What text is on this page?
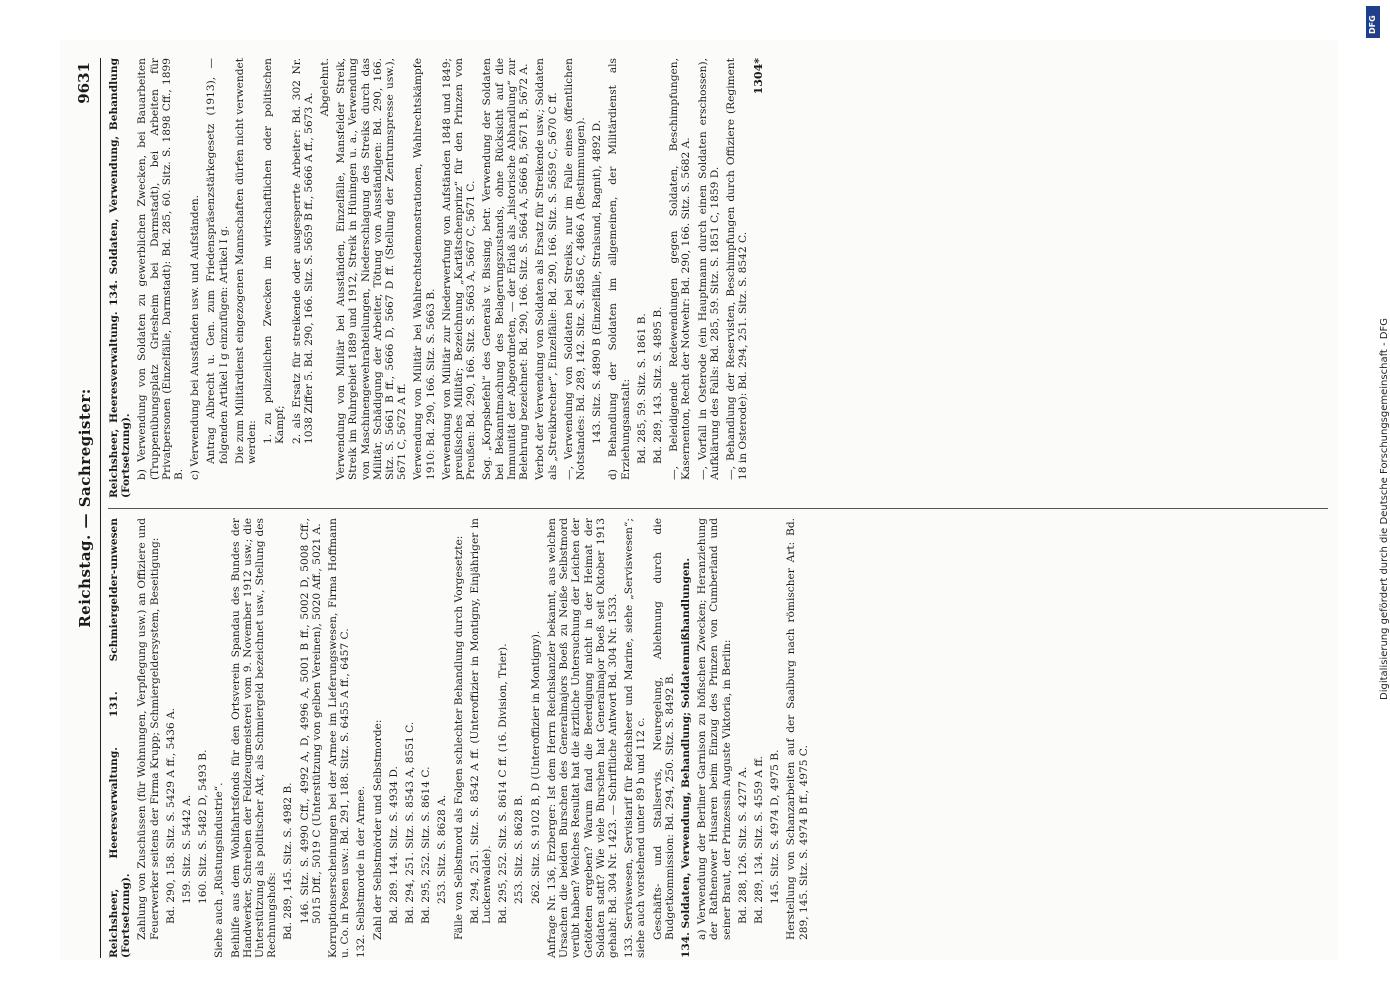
Reichstag. — Sachregister:
9631
Reichsheer, Heeresverwaltung. 131. Schmiergelder-unwesen (Fortsetzung). Zahlung von Zuschüssen (für Wohnungen, Verpflegung usw.) an Offiziere und Feuerwerker seitens der Firma Krupp; Schmiergeldersystem, Beseitigung: Bd. 290, 158. Sitz. S. 5429 A ff., 5436 A. 159. Sitz. S. 5442 A. 160. Sitz. S. 5482 D, 5493 B. Siehe auch „Rüstungsindustrie“. Beihilfe aus dem Wohlfahrtsfonds für den Ortsverein Spandau des Bundes der Handwerker, Schreiben der Feldzeugmeisterei vom 9. November 1912 usw.; die Unterstützung als politischer Akt, als Schmiergeld bezeichnet usw., Stellung des Rechnungshofs: Bd. 289, 145. Sitz. S. 4982 B. 146. Sitz. S. 4990 Cff., 4992 A, D, 4996 A, 5001 B ff., 5002 D, 5008 Cff., 5015 Dff., 5019 C (Unterstützung von gelben Vereinen), 5020 Aff., 5021 A. Korruptionserscheinungen bei der Armee im Lieferungswesen, Firma Hoffmann u. Co. in Posen usw.: Bd. 291, 188. Sitz. S. 6455 A ff., 6457 C. 132. Selbstmorde in der Armee. Zahl der Selbstmörder und Selbstmorde: Bd. 289. 144. Sitz. S. 4934 D. Bd. 294, 251. Sitz. S. 8543 A, 8551 C. Bd. 295, 252. Sitz. S. 8614 C. 253. Sitz. S. 8628 A. Fälle von Selbstmord als Folgen schlechter Behandlung durch Vorgesetzte: Bd. 294, 251. Sitz. S. 8542 A ff. (Unteroffizier in Montigny, Einjähriger in Luckenwalde). Bd. 295, 252. Sitz. S. 8614 C ff. (16. Division, Trier). 253. Sitz. S. 8628 B. 262. Sitz. S. 9102 B, D (Unteroffizier in Montigny). Anfrage Nr. 136, Erzberger: Ist dem Herrn Reichskanzler bekannt, aus welchen Ursachen die beiden Burschen des Generalmajors Boeß zu Neiße Selbstmord verübt haben? Welches Resultat hat die ärztliche Untersuchung der Leichen der Getöteten ergeben? Warum fand die Beerdigung nicht in der Heimat der Soldaten statt? Wie viele Burschen hat Generalmajor Boeß seit Oktober 1913 gehabt: Bd. 304 Nr. 1423. — Schriftliche Antwort Bd. 304 Nr. 1533. 133. Serviswesen, Servistarif für Reichsheer und Marine, siehe „Serviswesen“; siehe auch vorstehend unter 89 b und 112 c. Geschäfts- und Stallservis, Neuregelung, Ablehnung durch die Budgetkommission: Bd. 294, 250. Sitz. S. 8492 B. 134. Soldaten, Verwendung, Behandlung; Soldatenmißhandlungen. a) Verwendung der Berliner Garnison zu höfischen Zwecken; Heranziehung der Rathenower Husaren beim Einzug des Prinzen von Cumberland und seiner Braut, der Prinzessin Auguste Viktoria, in Berlin: Bd. 288, 126. Sitz. S. 4277 A. Bd. 289, 134. Sitz. S. 4559 A ff. 145. Sitz. S. 4974 D, 4975 B. Herstellung von Schanzarbeiten auf der Saalburg nach römischer Art: Bd. 289, 145. Sitz. S. 4974 B ff., 4975 C.
Reichsheer, Heeresverwaltung. 134. Soldaten, Verwendung, Behandlung (Fortsetzung). b) Verwendung von Soldaten zu gewerblichen Zwecken, bei Bauarbeiten (Truppenübungsplatz Griesheim bei Darmstadt), bei Arbeiten für Privatpersonen (Einzelfälle, Darmstadt): Bd. 285, 60. Sitz. S. 1898 Cff., 1899 B. c) Verwendung bei Ausständen usw. und Aufständen. Antrag Albrecht u. Gen. zum Friedenspräsenzstärkegesetz (1913), — folgenden Artikel I g einzufügen: Artikel I g. Die zum Militärdienst eingezogenen Mannschaften dürfen nicht verwendet werden: 1. zu polizeilichen Zwecken im wirtschaftlichen oder politischen Kampf; 2. als Ersatz für streikende oder ausgesperrte Arbeiter: Bd. 302 Nr. 1038 Ziffer 5. Bd. 290, 166. Sitz. S. 5659 B ff., 5666 A ff., 5673 A.
Abgelehnt. Verwendung von Militär bei Ausständen, Einzelfälle, Mansfelder Streik, Streik im Ruhrgebiet 1889 und 1912, Streik in Hüningen u. a., Verwendung von Maschinengewehrabteilungen, Niederschlagung des Streiks durch das Militär, Schädigung der Arbeiter, Tötung von Ausständigen: Bd. 290, 166. Sitz. S. 5661 B ff., 5666 D, 5667 D ff. (Stellung der Zentrumspresse usw.), 5671 C, 5672 A ff. Verwendung von Militär bei Wahlrechtsdemonstrationen, Wahlrechtskämpfe 1910: Bd. 290, 166. Sitz. S. 5663 B. Verwendung von Militär zur Niederwerfung von Aufständen 1848 und 1849; preußisches Militär; Bezeichnung „Kartätschenprinz“ für den Prinzen von Preußen: Bd. 290, 166. Sitz. S. 5663 A, 5667 C, 5671 C. Sog. „Korpsbefehl“ des Generals v. Bissing, betr. Verwendung der Soldaten bei Bekanntmachung des Belagerungszustands, ohne Rücksicht auf die Immunität der Abgeordneten, — der Erlaß als „historische Abhandlung“ zur Belehrung bezeichnet: Bd. 290, 166. Sitz. S. 5664 A, 5666 B, 5671 B, 5672 A. Verbot der Verwendung von Soldaten als Ersatz für Streikende usw.; Soldaten als „Streikbrecher“, Einzelfälle: Bd. 290, 166. Sitz. S. 5659 C, 5670 C ff. —, Verwendung von Soldaten bei Streiks, nur im Falle eines öffentlichen Notstandes: Bd. 289, 142. Sitz. S. 4856 C, 4866 A (Bestimmungen). 143. Sitz. S. 4890 B (Einzelfälle, Stralsund, Ragnit), 4892 D. d) Behandlung der Soldaten im allgemeinen, der Militärdienst als Erziehungsanstalt: Bd. 285, 59. Sitz. S. 1861 B. Bd. 289, 143. Sitz. S. 4895 B. —, Beleidigende Redewendungen gegen Soldaten, Beschimpfungen, Kasernenton, Recht der Notwehr: Bd. 290, 166. Sitz. S. 5682 A. —, Vorfall in Osterode (ein Hauptmann durch einen Soldaten erschossen), Aufklärung des Falls: Bd. 285, 59. Sitz. S. 1851 C, 1859 D. —, Behandlung der Reservisten, Beschimpfungen durch Offiziere (Regiment 18 in Osterode): Bd. 294, 251. Sitz. S. 8542 C.
1304*
Digitalisierung gefördert durch die Deutsche Forschungsgemeinschaft - DFG
DFG
